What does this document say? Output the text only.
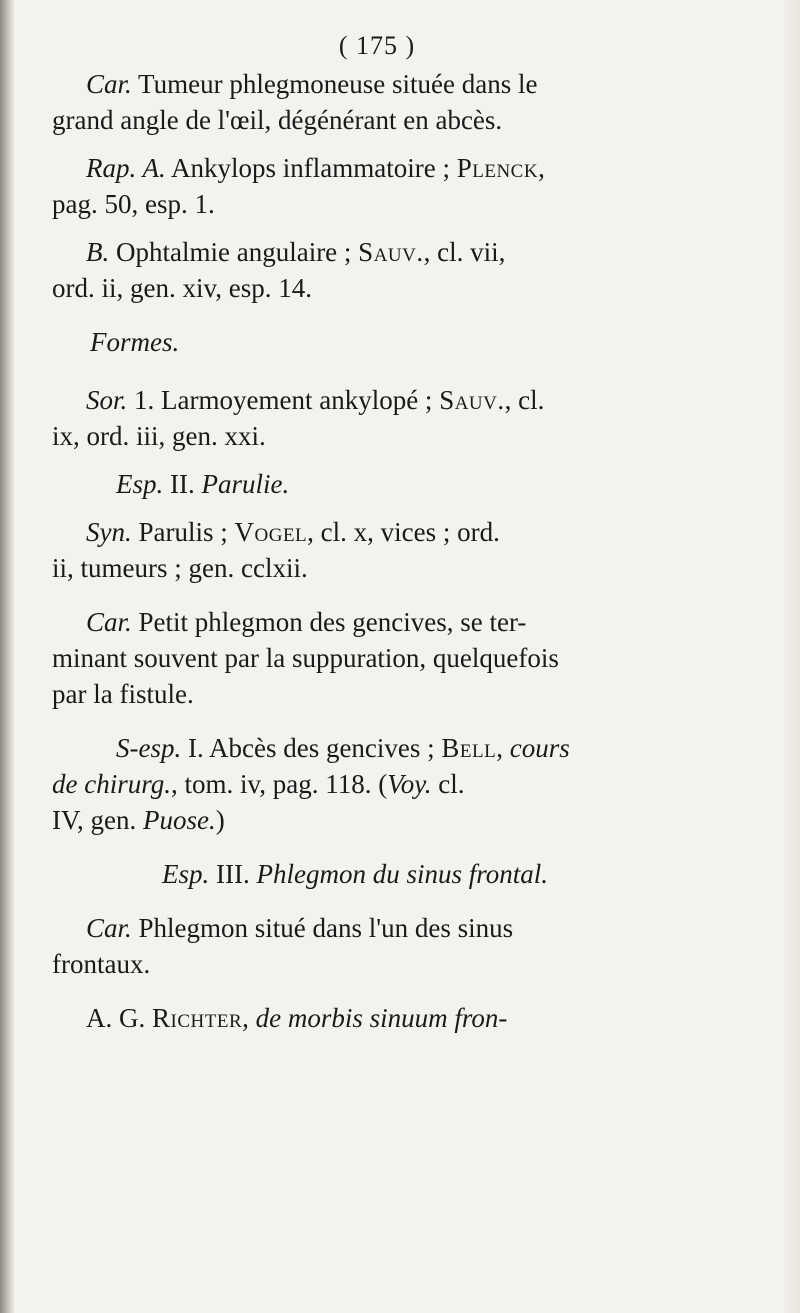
( 175 )
Car. Tumeur phlegmoneuse située dans le
grand angle de l'œil, dégénérant en abcès.
Rap. A. Ankylops inflammatoire ; Plenck,
pag. 50, esp. 1.
B. Ophtalmie angulaire ; Sauv., cl. vii,
ord. ii, gen. xiv, esp. 14.
Formes.
Sor. 1. Larmoyement ankylopé ; Sauv., cl.
ix, ord. iii, gen. xxi.
Esp. II. Parulie.
Syn. Parulis ; Vogel, cl. x, vices ; ord.
ii, tumeurs ; gen. cclxii.
Car. Petit phlegmon des gencives, se ter-
minant souvent par la suppuration, quelquefois
par la fistule.
S-esp. I. Abcès des gencives ; Bell, cours
de chirurg., tom. iv, pag. 118. (Voy. cl.
IV, gen. Puose.)
Esp. III. Phlegmon du sinus frontal.
Car. Phlegmon situé dans l'un des sinus
frontaux.
A. G. Richter, de morbis sinuum fron-
